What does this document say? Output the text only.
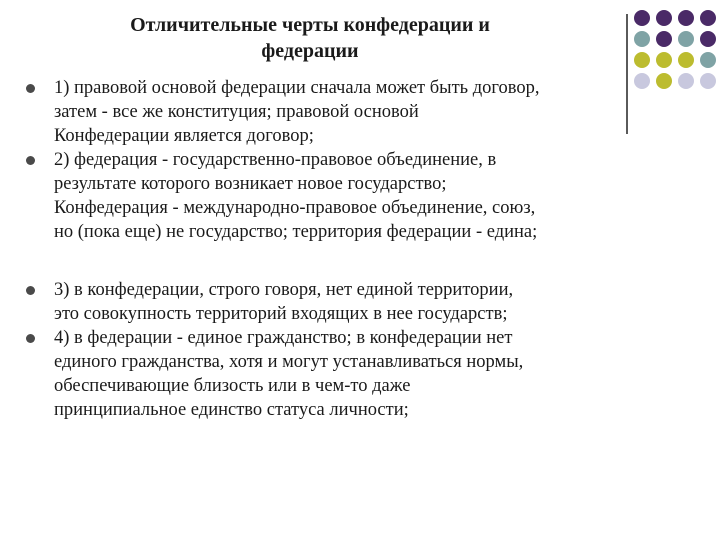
Отличительные черты конфедерации и
федерации
1) правовой основой федерации сначала может быть договор,
затем - все же конституция; правовой основой
Конфедерации является договор;
2) федерация - государственно-правовое объединение, в
результате которого возникает новое государство;
Конфедерация - международно-правовое объединение, союз,
но (пока еще) не государство; территория федерации - едина;
3) в конфедерации, строго говоря, нет единой территории,
это совокупность территорий входящих в нее государств;
4) в федерации - единое гражданство; в конфедерации нет
единого гражданства, хотя и могут устанавливаться нормы,
обеспечивающие близость или в чем-то даже
принципиальное единство статуса личности;
